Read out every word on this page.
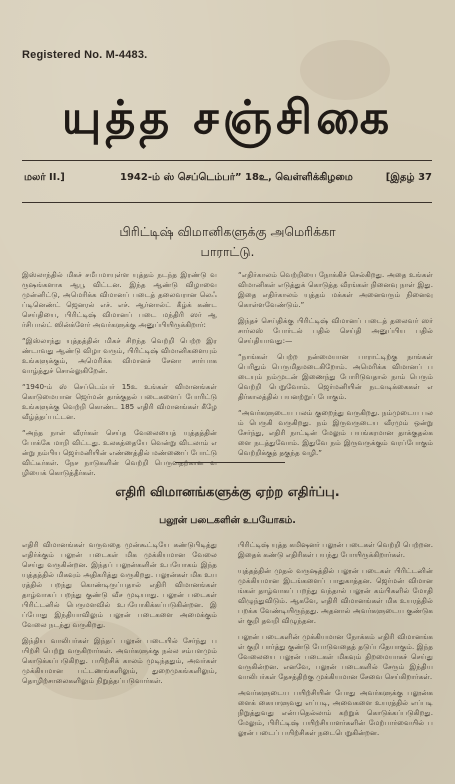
Registered No. M-4483.
யுத்த சஞ்சிகை
மலர் II.]	1942-ம் ஸ் செப்டெம்பர்” 18உ, வெள்ளிக்கிழமை	[இதழ் 37
பிரிட்டிஷ் விமானிகளுக்கு அமெரிக்கா
பாராட்டு.

இஸ்லாந்தில் மிகச் சமீபமாயுள்ள யுத்தம் நடந்த இரண்டு வருஷங்களாக ஆபூ விட்டன. இந்த ஆண்டு விழாவை முன்னிட்டு, அமெரிக்க விமானப் படைத் தலைவரான லெஃப்டினெண்ட் ஜெனரல் எச். எச். ஆர்னால்ட் கீழ்க் கண்ட செய்தியை, பிரிட்டிஷ் விமானப் படை மந்திரி ஸர் ஆர்சிபால்ட் ஸின்க்ளேர் அவர்களுக்கு அனுப்பியிருக்கிறார்:

“இஸ்லாந்து யுத்தத்தின் மிகச் சிறந்த வெற்றி பெற்ற இரண்டாவது ஆண்டு விழா வரும், பிரிட்டிஷ் விமானிகளையும் உங்களுக்கும், அமெரிக்க விமானச் சேனா சார்பாக வாழ்த்துச் சொல்லுகிறேன்.

“1940-ம் ஸ் செப்டெம்பர் 15உ உங்கள் விமானங்கள் கொடுமையான ஜெர்மன் தாக்குதல் படைகளைப் போரிட்டு உங்களுக்கு வெற்றி கொண்ட 185 எதிரி விமானங்கள் கீழே வீழ்த்தப்பட்டன.

“அந்த நாள் வீரர்கள் செய்த வேலையைத் யுத்தத்தின் போக்கே மாறி விட்டது. உலகத்தையே வென்று விடலாம் என்று நம்பிய ஜெர்மனியின் எண்ணத்தில் மண்ணைப் போட்டு விட்டீர்கள். நேச நாடுகளின் வெற்றி பெருவதற்கான வழியைக் கொடுத்தீர்கள்.

“எதிர்காலம் வெற்றியை நோக்கிச் செல்கிறது. அதை உங்கள் விமானிகள் எடுத்துக் கொடுத்த வீரங்கள் நினைவு நாள் இது. இதை எதிர்காலம் யுத்தம் மக்கள் அனைவரும் நினைவு கொள்ளவேண்டும்.”

இந்தச் செய்திக்கு பிரிட்டிஷ் விமானப் படைத் தலைவர் ஸர் சார்லஸ் போர்டல் பதில் செய்தி அனுப்பிய பதில் செய்தியாவது:—

“நாங்கள் பெற்ற நன்மையான பாராட்டிற்கு நாங்கள் பெரிதும் பெருமிதமடைகிறோம். அமெரிக்க விமானப் படையும் நம்முடன் இணைந்து போரிடுவதால் நாம் பெரும் வெற்றி பெறுவோம். ஜெர்மனியின் நடவடிக்கைகள் எதிர்காலத்தில் பயனற்றுப் போகும்.

“அவர்களுடைய பலம் குறைந்து வருகிறது. நம்முடைய பலம் பெருகி வருகிறது. நம் இருவருடைய வீரமும் ஒன்று சேர்ந்து, எதிரி நாட்டின் மேலும் பயங்கரமான தாக்குதல்களை நடத்துவோம். இதுவே நம் இருவருக்கும் வரப்போகும் வெற்றிக்குத் தகுந்த வழி.”

எதிரி விமானங்களுக்கு ஏற்ற எதிர்ப்பு.
பலூன் படைகளின் உபயோகம்.

எதிரி விமானங்கள் வருவதை முன்கூட்டியே கண்டுபிடித்து எதிர்க்கும் பலூன் படைகள் மிக முக்கியமான வேலை செய்து வருகின்றன. இந்தப் பலூன்களின் உபயோகம் இந்த யுத்தத்தில் மிகவும் அதிகரித்து வருகிறது. பலூன்கள் மிக உயரத்தில் பறந்து கொண்டிருப்பதால் எதிரி விமானங்கள் தாழ்வாகப் பறந்து குண்டு வீச முடியாது. பலூன் படைகள் பிரிட்டனில் பெருமளவில் உபயோகிக்கப்படுகின்றன. இப்போது இந்தியாவிலும் பலூன் படைகளை அமைக்கும் வேலை நடந்து வருகிறது.

இந்திய வாலிபர்கள் இந்தப் பலூன் படையில் சேர்ந்து பயிற்சி பெற்று வருகிறார்கள். அவர்களுக்கு நல்ல சம்பளமும் கொடுக்கப்படுகிறது. பயிற்சிக் காலம் முடிந்ததும், அவர்கள் முக்கியமான பட்டணங்களிலும், துறைமுகங்களிலும், தொழிற்சாலைகளிலும் நிறுத்தப்படுவார்கள்.

பிரிட்டிஷ் யுத்த கமிஷனர் பலூன் படைகள் வெற்றி பெற்றன. இதைக் கண்டு எதிரிகள் பயந்து போயிருக்கிறார்கள்.

யுத்தத்தின் முதல் வருஷத்தில் பலூன் படைகள் பிரிட்டனின் முக்கியமான இடங்களைப் பாதுகாத்தன. ஜெர்மன் விமானங்கள் தாழ்வாகப் பறந்து வந்தால் பலூன் கம்பிகளில் மோதி விழுந்துவிடும். ஆகவே, எதிரி விமானங்கள் மிக உயரத்தில் பறக்க வேண்டியிருந்தது. அதனால் அவர்களுடைய குண்டுகள் குறி தவறி விழுந்தன.

பலூன் படைகளின் முக்கியமான நோக்கம் எதிரி விமானங்கள் குறி பார்த்து குண்டு போடுவதைத் தடுப்பதேயாகும். இந்த வேலையை பலூன் படைகள் மிகவும் திறமையாகச் செய்து வருகின்றன. எனவே, பலூன் படைகளில் சேரும் இந்திய வாலிபர்கள் தேசத்திற்கு முக்கியமான சேவை செய்கிறார்கள்.

அவர்களுடைய பயிற்சியின் போது அவர்களுக்கு பலூன்களைக் கையாளுவது எப்படி, அவைகளை உயரத்தில் எப்படி நிறுத்துவது என்பதெல்லாம் கற்றுக் கொடுக்கப்படுகிறது. மேலும், பிரிட்டிஷ் பயிற்சியாளர்களின் மேற்பார்வையில் பலூன் படைப் பயிற்சிகள் நடைபெறுகின்றன.
